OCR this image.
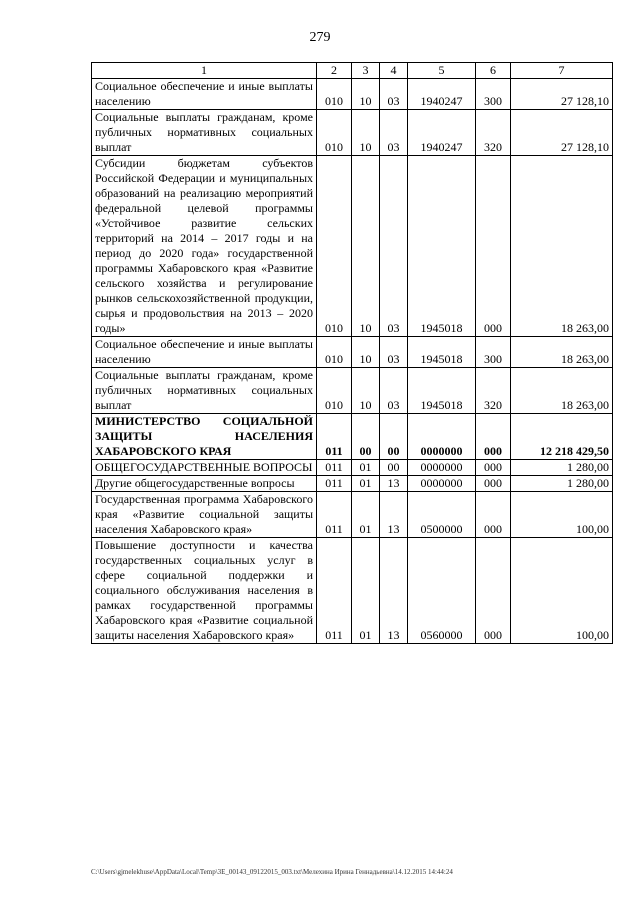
279
1	2	3	4	5	6	7
Социальное обеспечение и иные выплаты населению	010	10	03	1940247	300	27 128,10
Социальные выплаты гражданам, кроме публичных нормативных социальных выплат	010	10	03	1940247	320	27 128,10
Субсидии бюджетам субъектов Российской Федерации и муниципальных образований на реализацию мероприятий федеральной целевой программы «Устойчивое развитие сельских территорий на 2014 – 2017 годы и на период до 2020 года» государственной программы Хабаровского края «Развитие сельского хозяйства и регулирование рынков сельскохозяйственной продукции, сырья и продовольствия на 2013 – 2020 годы»	010	10	03	1945018	000	18 263,00
Социальное обеспечение и иные выплаты населению	010	10	03	1945018	300	18 263,00
Социальные выплаты гражданам, кроме публичных нормативных социальных выплат	010	10	03	1945018	320	18 263,00
МИНИСТЕРСТВО СОЦИАЛЬНОЙ ЗАЩИТЫ НАСЕЛЕНИЯ ХАБАРОВСКОГО КРАЯ	011	00	00	0000000	000	12 218 429,50
ОБЩЕГОСУДАРСТВЕННЫЕ ВОПРОСЫ	011	01	00	0000000	000	1 280,00
Другие общегосударственные вопросы	011	01	13	0000000	000	1 280,00
Государственная программа Хабаровского края «Развитие социальной защиты населения Хабаровского края»	011	01	13	0500000	000	100,00
Повышение доступности и качества государственных социальных услуг в сфере социальной поддержки и социального обслуживания населения в рамках государственной программы Хабаровского края «Развитие социальной защиты населения Хабаровского края»	011	01	13	0560000	000	100,00
C:\Users\gjmelekhuse\AppData\Local\Temp\3E_00143_09122015_003.txt\Мелехина Ирина Геннадьевна\14.12.2015 14:44:24
